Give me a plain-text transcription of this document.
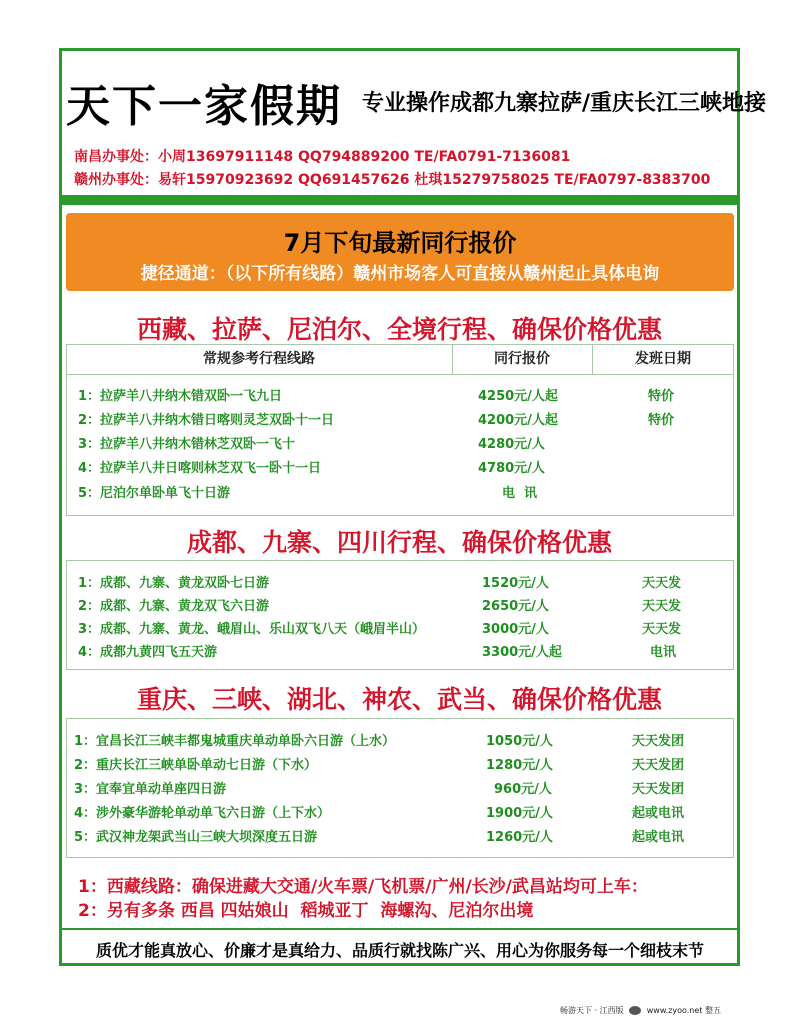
天下一家假期 专业操作成都九寨拉萨/重庆长江三峡地接
南昌办事处：小周13697911148 QQ794889200 TE/FA0791-7136081
赣州办事处：易轩15970923692 QQ691457626 杜琪15279758025 TE/FA0797-8383700
7月下旬最新同行报价
捷径通道：（以下所有线路）赣州市场客人可直接从赣州起止具体电询
西藏、拉萨、尼泊尔、全境行程、确保价格优惠
常规参考行程线路	同行报价	发班日期
1：拉萨羊八井纳木错双卧一飞九日	4250元/人起	特价
2：拉萨羊八井纳木错日喀则灵芝双卧十一日	4200元/人起	特价
3：拉萨羊八井纳木错林芝双卧一飞十	4280元/人
4：拉萨羊八井日喀则林芝双飞一卧十一日	4780元/人
5：尼泊尔单卧单飞十日游	电  讯
成都、九寨、四川行程、确保价格优惠
1：成都、九寨、黄龙双卧七日游	1520元/人	天天发
2：成都、九寨、黄龙双飞六日游	2650元/人	天天发
3：成都、九寨、黄龙、峨眉山、乐山双飞八天（峨眉半山）	3000元/人	天天发
4：成都九黄四飞五天游	3300元/人起	电讯
重庆、三峡、湖北、神农、武当、确保价格优惠
1：宜昌长江三峡丰都鬼城重庆单动单卧六日游（上水）	1050元/人	天天发团
2：重庆长江三峡单卧单动七日游（下水）	1280元/人	天天发团
3：宜奉宜单动单座四日游	960元/人	天天发团
4：涉外豪华游轮单动单飞六日游（上下水）	1900元/人	起或电讯
5：武汉神龙架武当山三峡大坝深度五日游	1260元/人	起或电讯
1：西藏线路：确保进藏大交通/火车票/飞机票/广州/长沙/武昌站均可上车：
2：另有多条 西昌 四姑娘山  稻城亚丁  海螺沟、尼泊尔出境
质优才能真放心、价廉才是真给力、品质行就找陈广兴、用心为你服务每一个细枝末节
畅游天下 · 江西版	www.zyoo.net 整五
